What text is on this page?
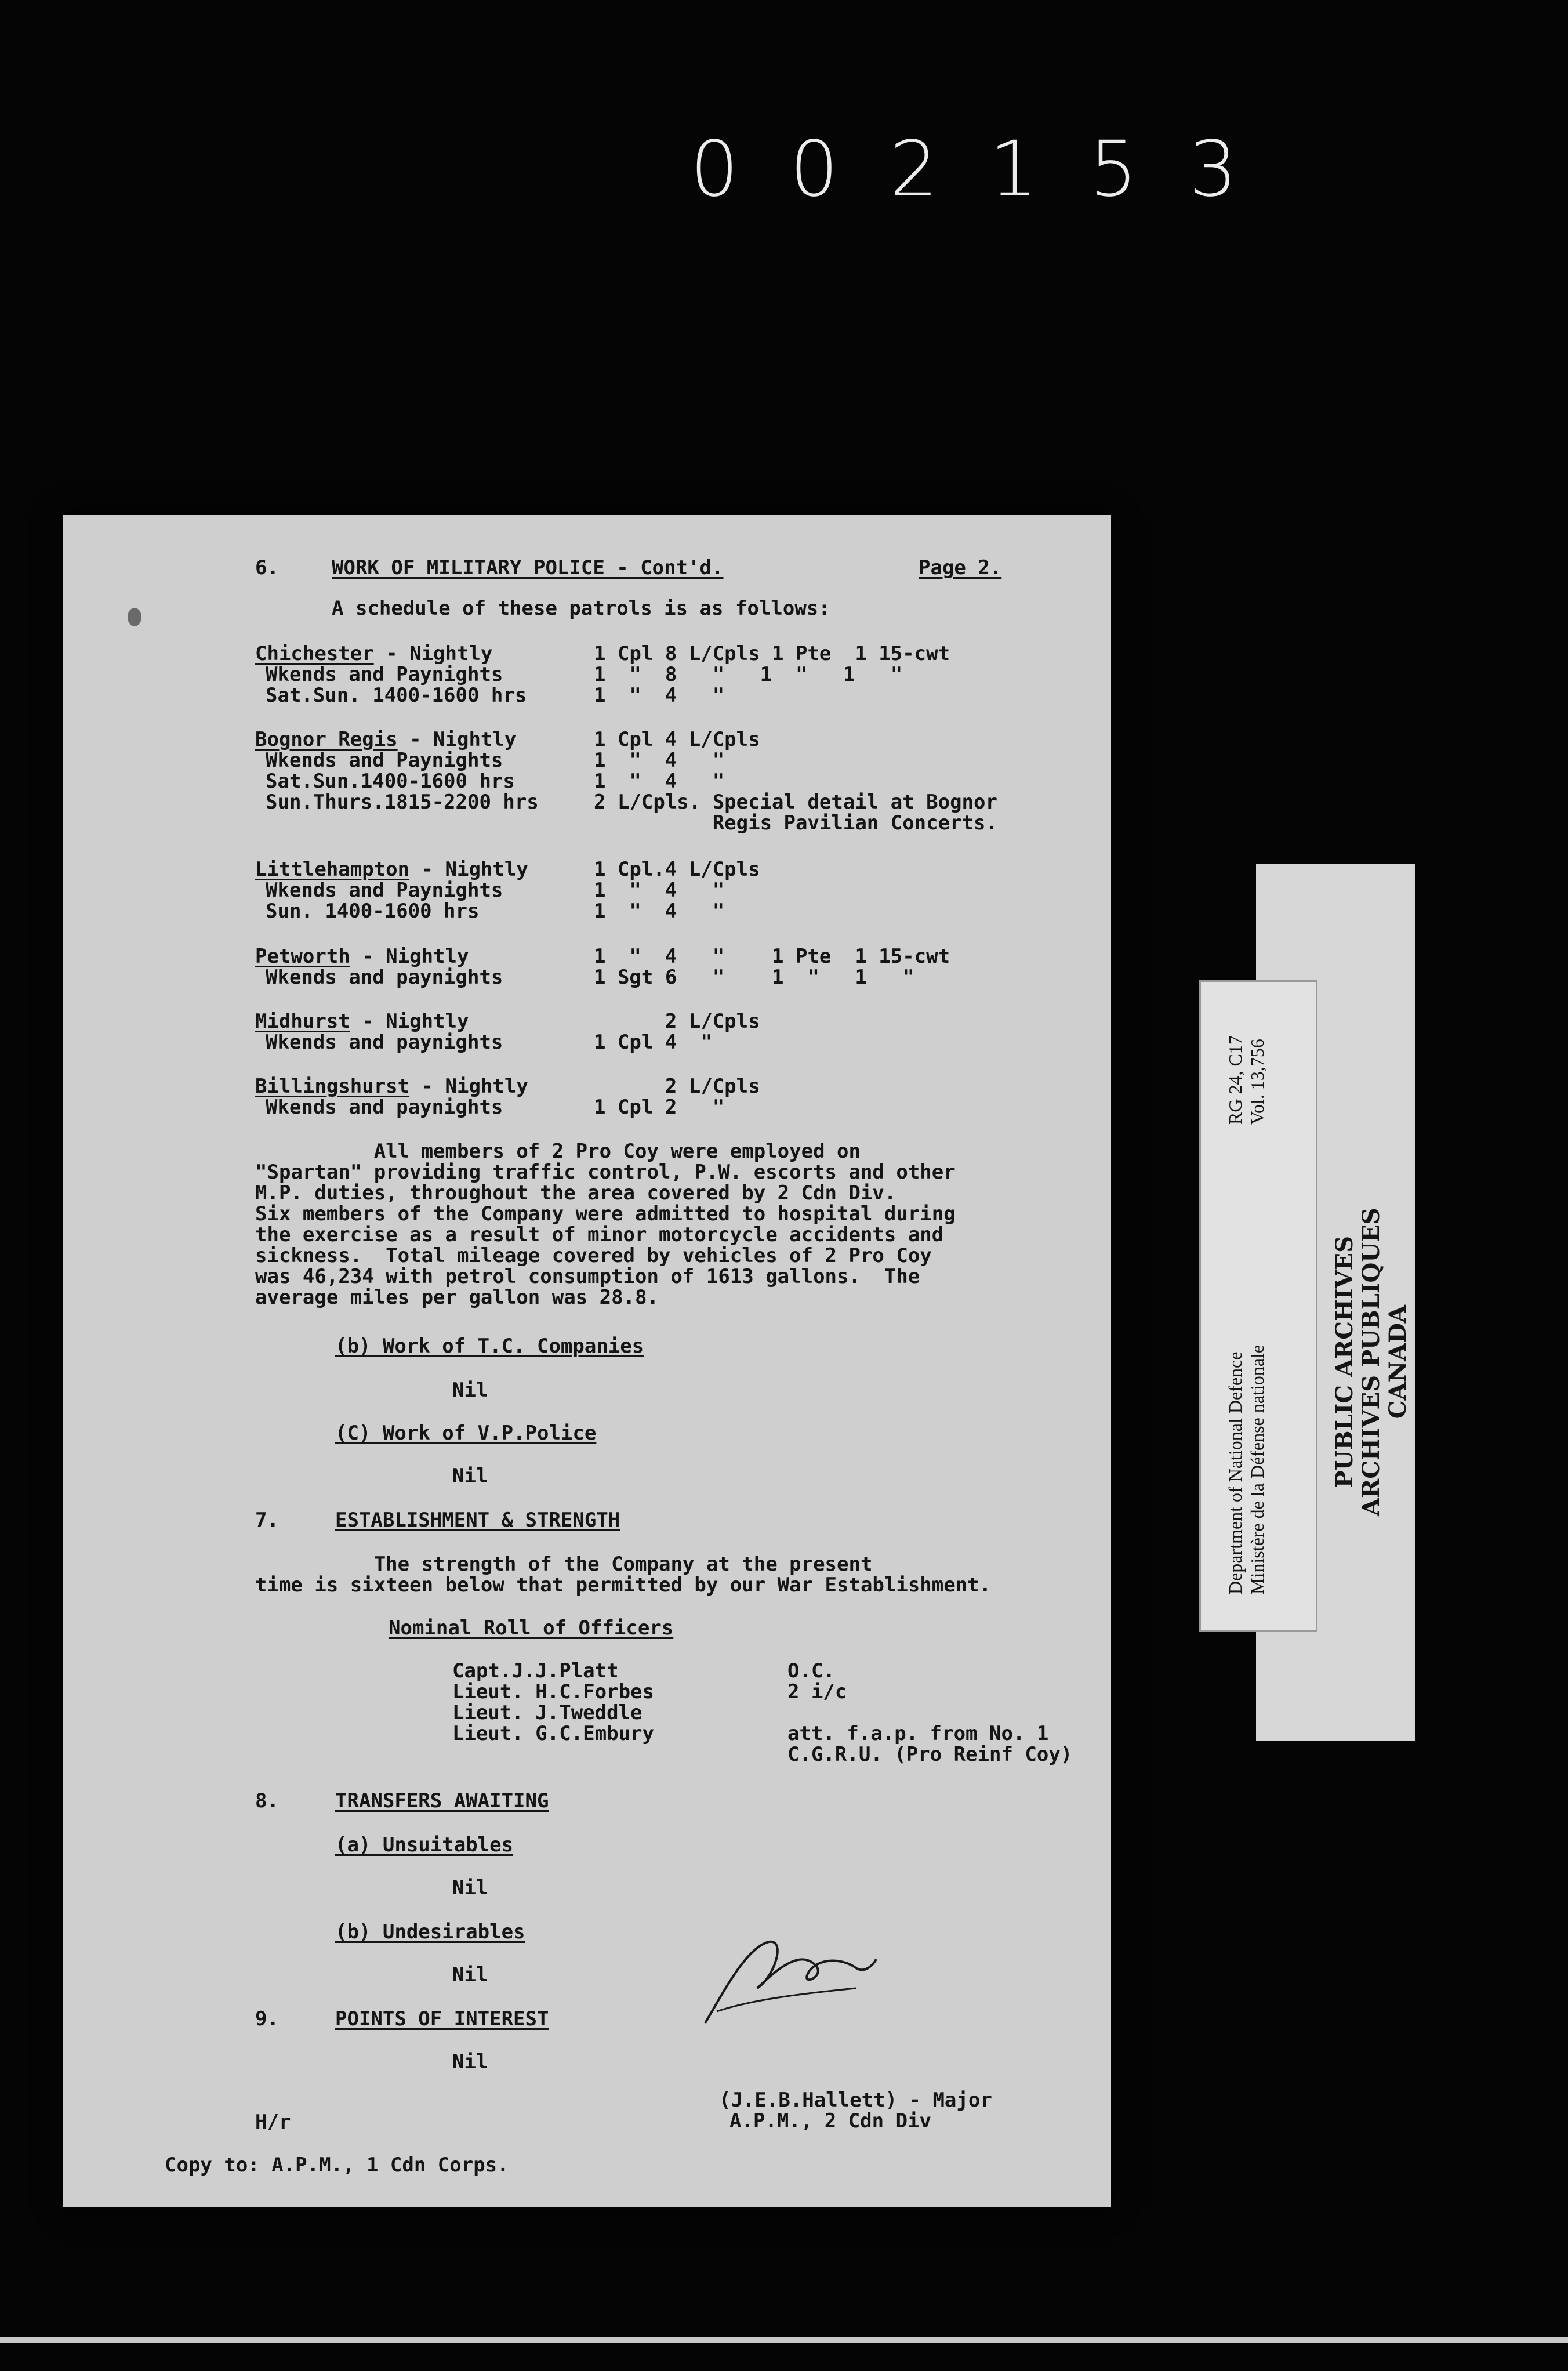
002153
6.	WORK OF MILITARY POLICE - Cont'd.	Page 2.
A schedule of these patrols is as follows:
Chichester - Nightly	1 Cpl 8 L/Cpls 1 Pte  1 15-cwt
Wkends and Paynights	1  "  8   "   1  "   1   "
Sat.Sun. 1400-1600 hrs	1  "  4   "
Bognor Regis - Nightly	1 Cpl 4 L/Cpls
Wkends and Paynights	1  "  4   "
Sat.Sun.1400-1600 hrs	1  "  4   "
Sun.Thurs.1815-2200 hrs	2 L/Cpls. Special detail at Bognor
Regis Pavilian Concerts.
Littlehampton - Nightly	1 Cpl.4 L/Cpls
Wkends and Paynights	1  "  4   "
Sun. 1400-1600 hrs	1  "  4   "
Petworth - Nightly	1  "  4   "    1 Pte  1 15-cwt
Wkends and paynights	1 Sgt 6   "    1  "   1   "
Midhurst - Nightly	2 L/Cpls
Wkends and paynights	1 Cpl 4  "
Billingshurst - Nightly	2 L/Cpls
Wkends and paynights	1 Cpl 2   "
All members of 2 Pro Coy were employed on
"Spartan" providing traffic control, P.W. escorts and other
M.P. duties, throughout the area covered by 2 Cdn Div.
Six members of the Company were admitted to hospital during
the exercise as a result of minor motorcycle accidents and
sickness.  Total mileage covered by vehicles of 2 Pro Coy
was 46,234 with petrol consumption of 1613 gallons.  The
average miles per gallon was 28.8.
(b) Work of T.C. Companies
Nil
(C) Work of V.P.Police
Nil
7.	ESTABLISHMENT & STRENGTH
The strength of the Company at the present
time is sixteen below that permitted by our War Establishment.
Nominal Roll of Officers
Capt.J.J.Platt	O.C.
Lieut. H.C.Forbes	2 i/c
Lieut. J.Tweddle
Lieut. G.C.Embury	att. f.a.p. from No. 1
C.G.R.U. (Pro Reinf Coy)
8.	TRANSFERS AWAITING
(a) Unsuitables
Nil
(b) Undesirables
Nil
9.	POINTS OF INTEREST
Nil
(J.E.B.Hallett) - Major
A.P.M., 2 Cdn Div
H/r
Copy to: A.P.M., 1 Cdn Corps.
PUBLIC ARCHIVES ARCHIVES PUBLIQUES CANADA
Department of National Defence Ministère de la Défense nationale
RG 24, C17 Vol. 13,756
